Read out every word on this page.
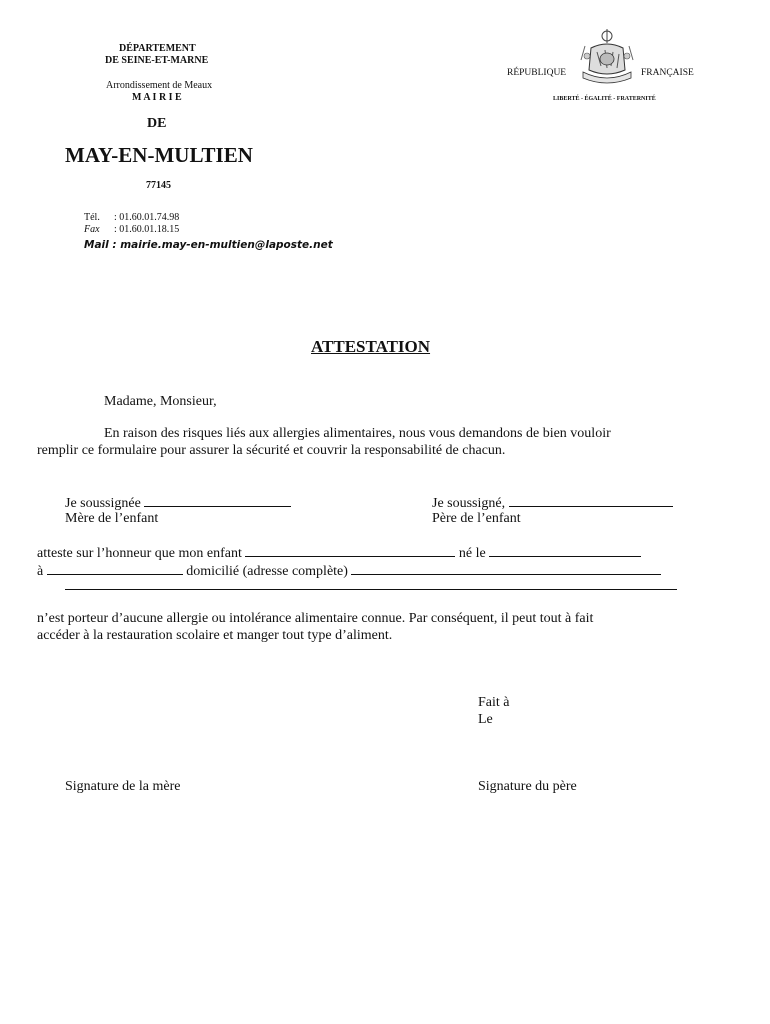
DÉPARTEMENT
DE SEINE-ET-MARNE
Arrondissement de Meaux
M A I R I E
DE
MAY-EN-MULTIEN
77145
Tél. : 01.60.01.74.98
Fax : 01.60.01.18.15
Mail : mairie.may-en-multien@laposte.net
RÉPUBLIQUE	FRANÇAISE
LIBERTÉ - ÉGALITÉ - FRATERNITÉ
ATTESTATION
Madame, Monsieur,
En raison des risques liés aux allergies alimentaires, nous vous demandons de bien vouloir
remplir ce formulaire pour assurer la sécurité et couvrir la responsabilité de chacun.
Je soussignée
Mère de l’enfant
Je soussigné,
Père de l’enfant
atteste sur l’honneur que mon enfant	né le
à	domicilié (adresse complète)
n’est porteur d’aucune allergie ou intolérance alimentaire connue. Par conséquent, il peut tout à fait
accéder à la restauration scolaire et manger tout type d’aliment.
Fait à
Le
Signature de la mère	Signature du père
